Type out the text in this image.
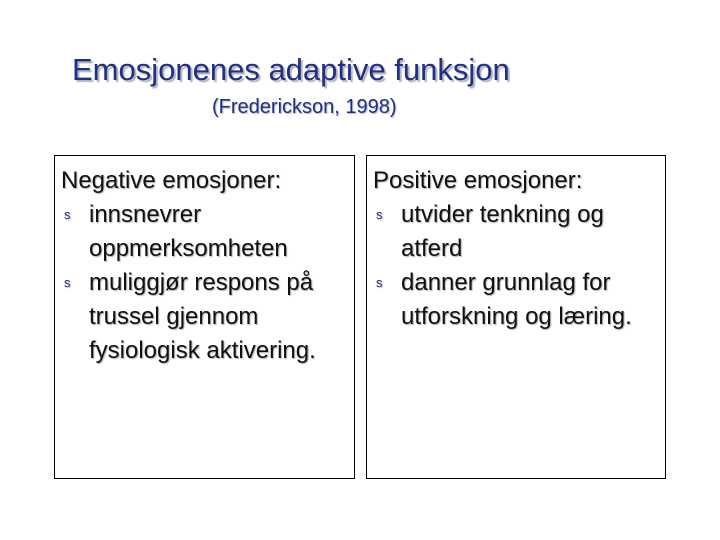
Emosjonenes adaptive funksjon
(Frederickson, 1998)
Negative emosjoner:
s innsnevrer oppmerksomheten
s muliggjør respons på trussel gjennom fysiologisk aktivering.
Positive emosjoner:
s utvider tenkning og atferd
s danner grunnlag for utforskning og læring.
